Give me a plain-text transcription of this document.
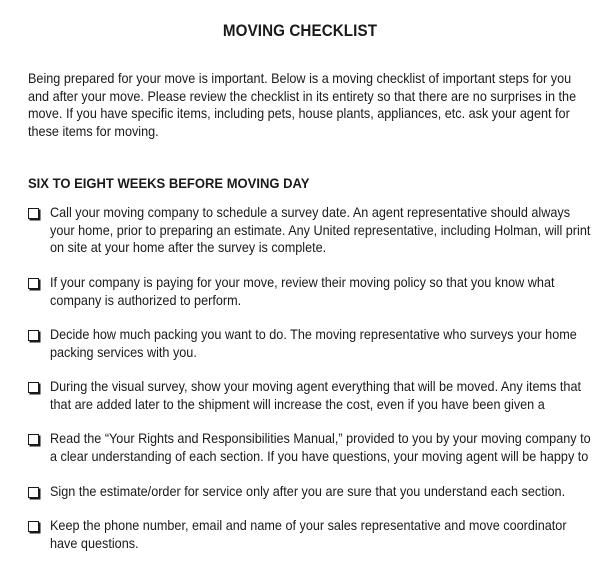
MOVING CHECKLIST
Being prepared for your move is important. Below is a moving checklist of important steps for you
and after your move. Please review the checklist in its entirety so that there are no surprises in the
move. If you have specific items, including pets, house plants, appliances, etc. ask your agent for
these items for moving.
SIX TO EIGHT WEEKS BEFORE MOVING DAY
Call your moving company to schedule a survey date. An agent representative should always
your home, prior to preparing an estimate. Any United representative, including Holman, will print
on site at your home after the survey is complete.
If your company is paying for your move, review their moving policy so that you know what
company is authorized to perform.
Decide how much packing you want to do. The moving representative who surveys your home
packing services with you.
During the visual survey, show your moving agent everything that will be moved. Any items that
that are added later to the shipment will increase the cost, even if you have been given a
Read the “Your Rights and Responsibilities Manual,” provided to you by your moving company to
a clear understanding of each section. If you have questions, your moving agent will be happy to
Sign the estimate/order for service only after you are sure that you understand each section.
Keep the phone number, email and name of your sales representative and move coordinator
have questions.
